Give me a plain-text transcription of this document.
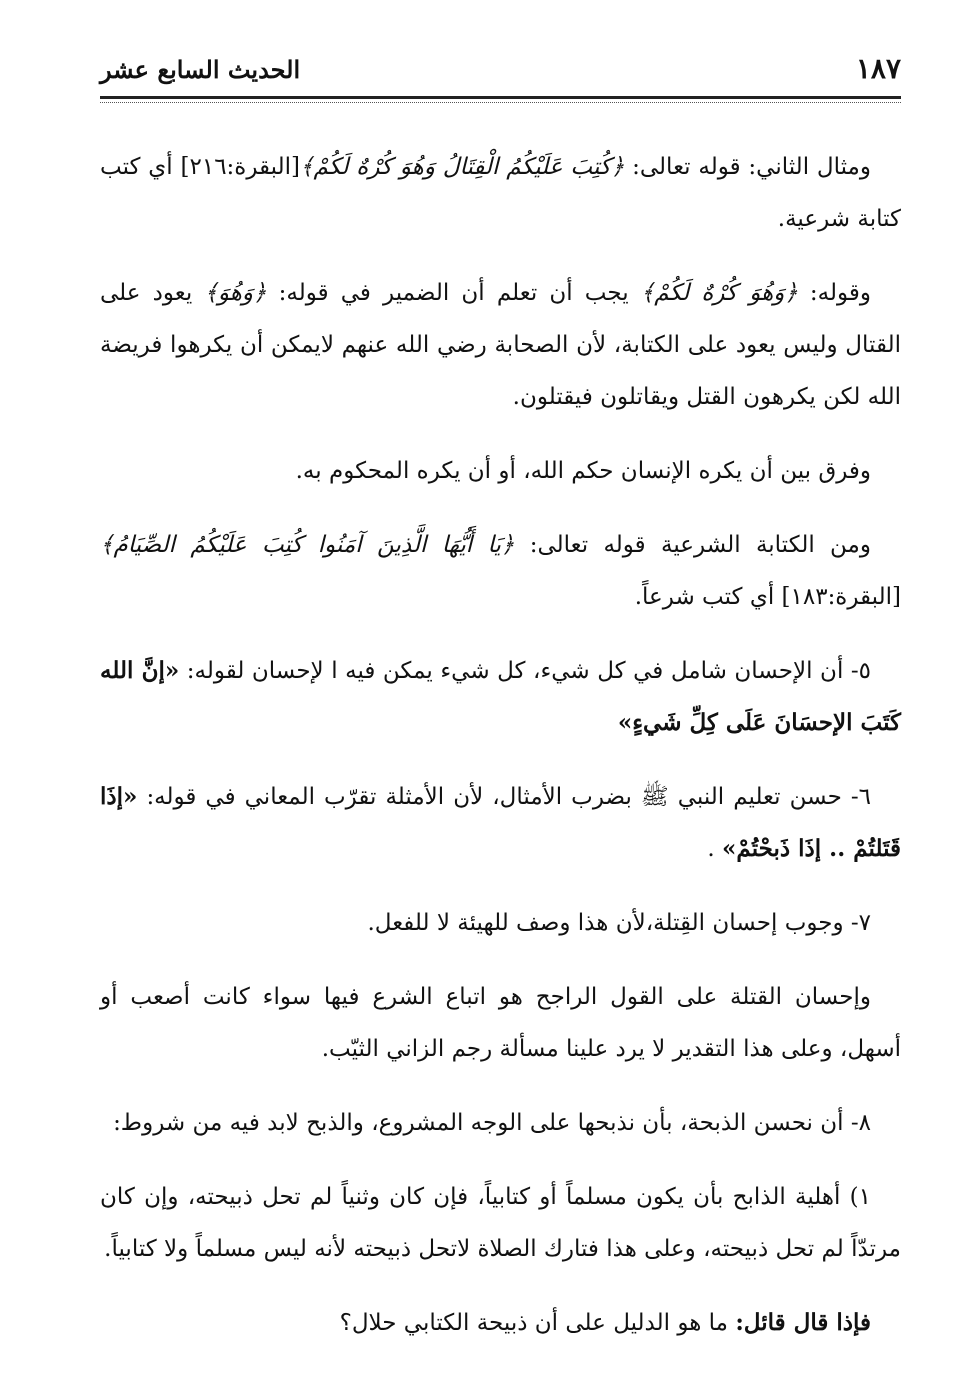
١٨٧
الحديث السابع عشر

ومثال الثاني: قوله تعالى: ﴿كُتِبَ عَلَيْكُمُ الْقِتَالُ وَهُوَ كُرْهٌ لَكُمْ﴾[البقرة:٢١٦] أي كتب كتابة شرعية.

وقوله: ﴿وَهُوَ كُرْهٌ لَكُمْ﴾ يجب أن تعلم أن الضمير في قوله: ﴿وَهُوَ﴾ يعود على القتال وليس يعود على الكتابة، لأن الصحابة رضي الله عنهم لايمكن أن يكرهوا فريضة الله لكن يكرهون القتل ويقاتلون فيقتلون.

وفرق بين أن يكره الإنسان حكم الله، أو أن يكره المحكوم به.

ومن الكتابة الشرعية قوله تعالى: ﴿يَا أَيُّهَا الَّذِينَ آمَنُوا كُتِبَ عَلَيْكُمُ الصِّيَامُ﴾ [البقرة:١٨٣] أي كتب شرعاً.

٥- أن الإحسان شامل في كل شيء، كل شيء يمكن فيه ا لإحسان لقوله: «إنَّ الله كَتَبَ الإحسَانَ عَلَى كِلِّ شَيءٍ»

٦- حسن تعليم النبي ﷺ بضرب الأمثال، لأن الأمثلة تقرّب المعاني في قوله: «إذَا قَتَلتُمْ .. إذَا ذَبحْتُمْ» .

٧- وجوب إحسان القِتلة،لأن هذا وصف للهيئة لا للفعل.

وإحسان القتلة على القول الراجح هو اتباع الشرع فيها سواء كانت أصعب أو أسهل، وعلى هذا التقدير لا يرد علينا مسألة رجم الزاني الثيّب.

٨- أن نحسن الذبحة، بأن نذبحها على الوجه المشروع، والذبح لابد فيه من شروط:

١) أهلية الذابح بأن يكون مسلماً أو كتابياً، فإن كان وثنياً لم تحل ذبيحته، وإن كان مرتدّاً لم تحل ذبيحته، وعلى هذا فتارك الصلاة لاتحل ذبيحته لأنه ليس مسلماً ولا كتابياً.

فإذا قال قائل: ما هو الدليل على أن ذبيحة الكتابي حلال؟
